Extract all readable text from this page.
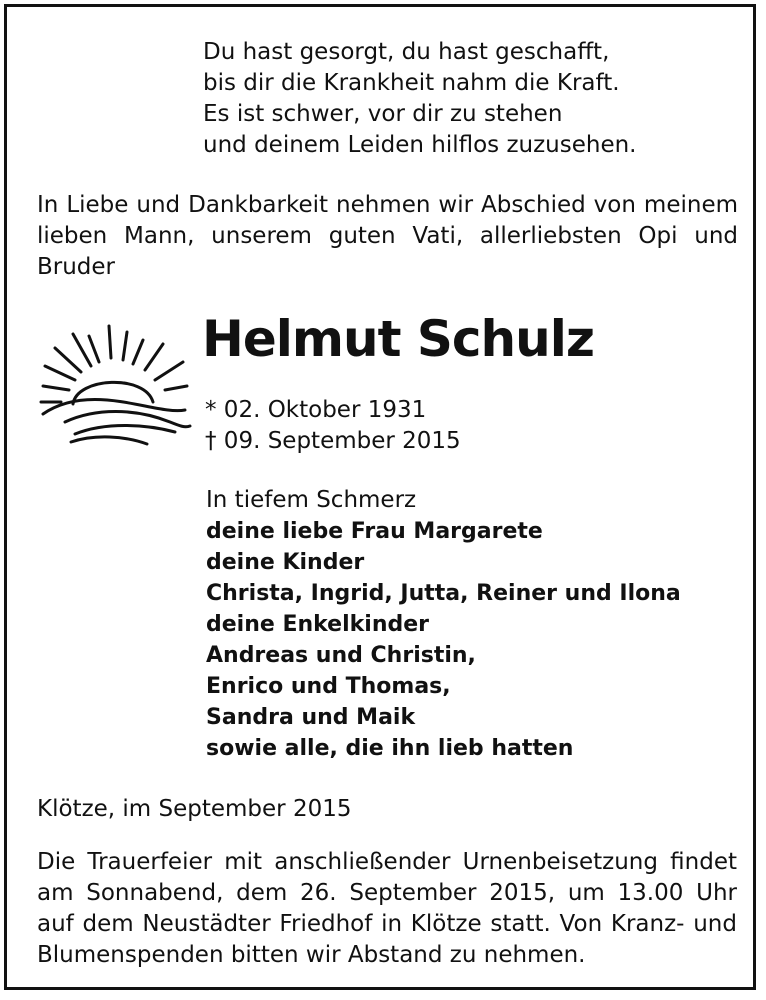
Du hast gesorgt, du hast geschafft,
bis dir die Krankheit nahm die Kraft.
Es ist schwer, vor dir zu stehen
und deinem Leiden hilflos zuzusehen.
In Liebe und Dankbarkeit nehmen wir Abschied von meinem lieben Mann, unserem guten Vati, allerliebsten Opi und Bruder
Helmut Schulz
* 02. Oktober 1931
† 09. September 2015
In tiefem Schmerz
deine liebe Frau Margarete
deine Kinder
Christa, Ingrid, Jutta, Reiner und Ilona
deine Enkelkinder
Andreas und Christin,
Enrico und Thomas,
Sandra und Maik
sowie alle, die ihn lieb hatten
Klötze, im September 2015
Die Trauerfeier mit anschließender Urnenbeisetzung findet am Sonnabend, dem 26. September 2015, um 13.00 Uhr auf dem Neustädter Friedhof in Klötze statt. Von Kranz- und Blumenspenden bitten wir Abstand zu nehmen.
